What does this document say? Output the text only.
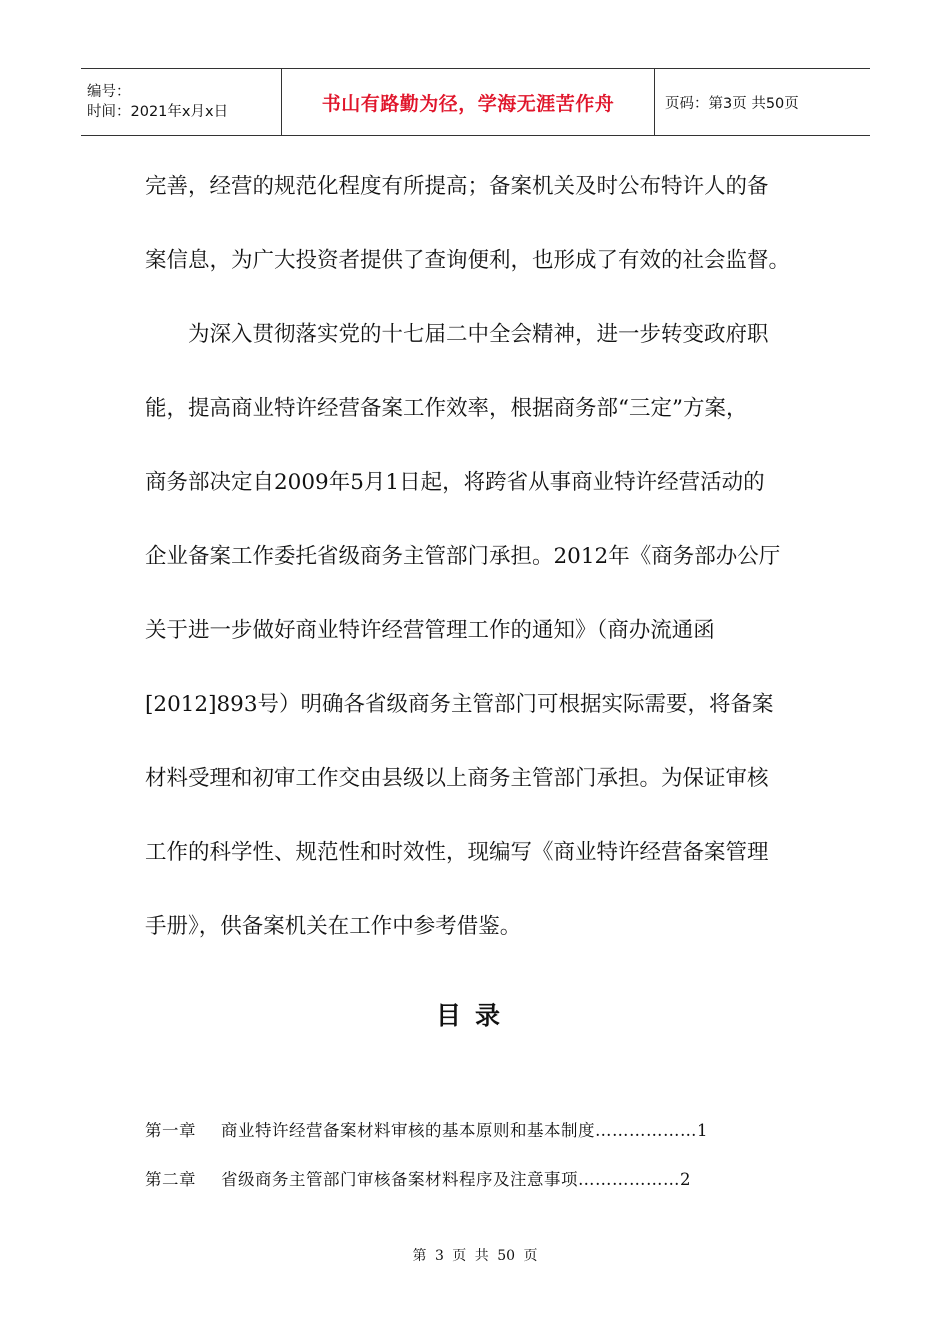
编号：
时间：2021年x月x日	书山有路勤为径，学海无涯苦作舟	页码：第3页 共50页
完善，经营的规范化程度有所提高；备案机关及时公布特许人的备
案信息，为广大投资者提供了查询便利，也形成了有效的社会监督。
　　为深入贯彻落实党的十七届二中全会精神，进一步转变政府职
能，提高商业特许经营备案工作效率，根据商务部“三定”方案，
商务部决定自2009年5月1日起，将跨省从事商业特许经营活动的
企业备案工作委托省级商务主管部门承担。2012年《商务部办公厅
关于进一步做好商业特许经营管理工作的通知》（商办流通函
[2012]893号）明确各省级商务主管部门可根据实际需要，将备案
材料受理和初审工作交由县级以上商务主管部门承担。为保证审核
工作的科学性、规范性和时效性，现编写《商业特许经营备案管理
手册》，供备案机关在工作中参考借鉴。
目录
第一章 商业特许经营备案材料审核的基本原则和基本制度………………1
第二章 省级商务主管部门审核备案材料程序及注意事项………………2
第 3 页 共 50 页
